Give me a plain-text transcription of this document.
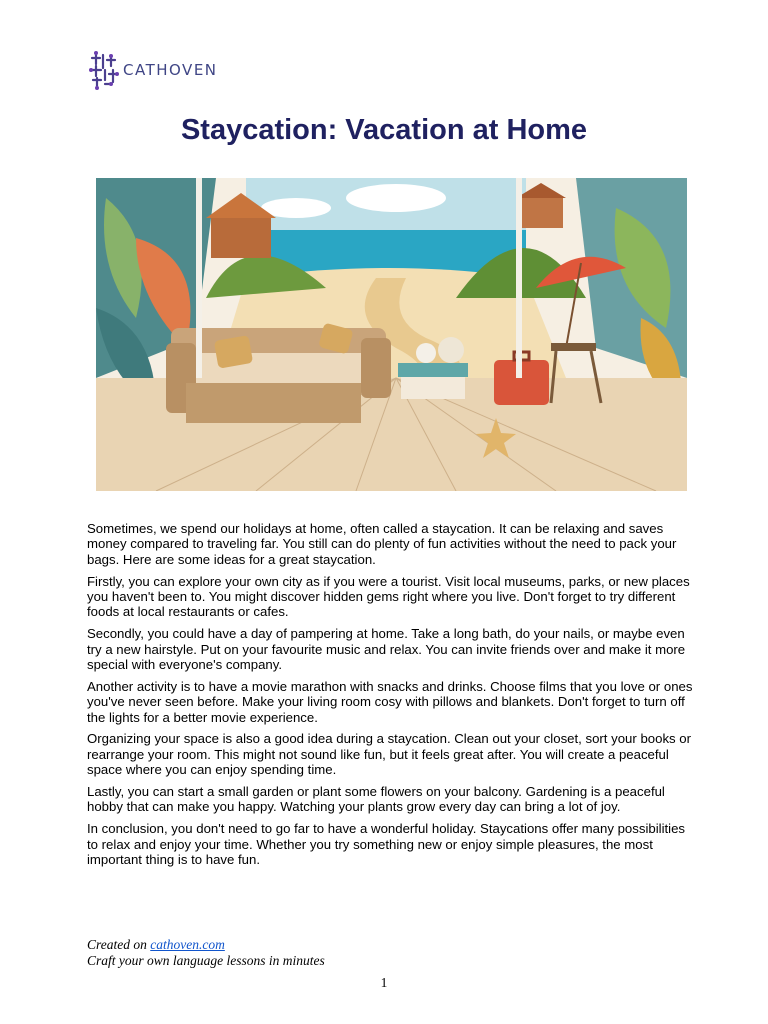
CATHOVEN
Staycation: Vacation at Home

Sometimes, we spend our holidays at home, often called a staycation. It can be relaxing and saves money compared to traveling far. You still can do plenty of fun activities without the need to pack your bags. Here are some ideas for a great staycation.

Firstly, you can explore your own city as if you were a tourist. Visit local museums, parks, or new places you haven't been to. You might discover hidden gems right where you live. Don't forget to try different foods at local restaurants or cafes.

Secondly, you could have a day of pampering at home. Take a long bath, do your nails, or maybe even try a new hairstyle. Put on your favourite music and relax. You can invite friends over and make it more special with everyone's company.

Another activity is to have a movie marathon with snacks and drinks. Choose films that you love or ones you've never seen before. Make your living room cosy with pillows and blankets. Don't forget to turn off the lights for a better movie experience.

Organizing your space is also a good idea during a staycation. Clean out your closet, sort your books or rearrange your room. This might not sound like fun, but it feels great after. You will create a peaceful space where you can enjoy spending time.

Lastly, you can start a small garden or plant some flowers on your balcony. Gardening is a peaceful hobby that can make you happy. Watching your plants grow every day can bring a lot of joy.

In conclusion, you don't need to go far to have a wonderful holiday. Staycations offer many possibilities to relax and enjoy your time. Whether you try something new or enjoy simple pleasures, the most important thing is to have fun.

Created on cathoven.com
Craft your own language lessons in minutes
1
